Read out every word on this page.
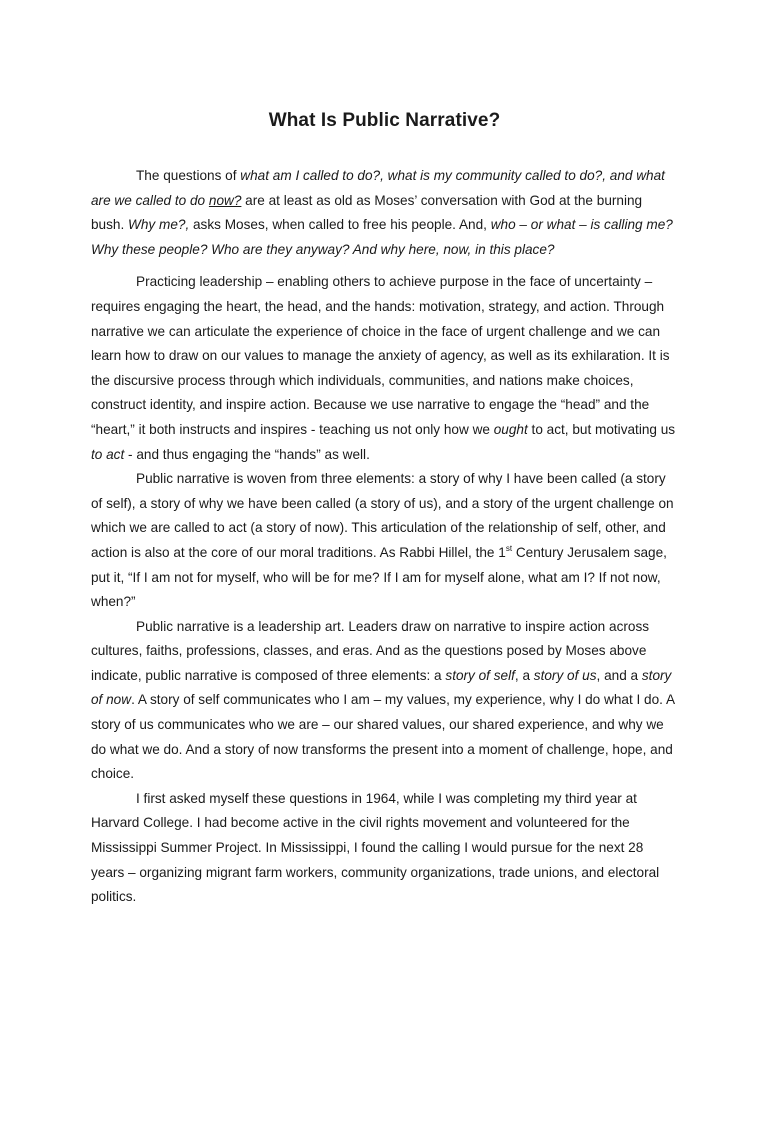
What Is Public Narrative?

The questions of what am I called to do?, what is my community called to do?, and what are we called to do now? are at least as old as Moses’ conversation with God at the burning bush. Why me?, asks Moses, when called to free his people. And, who – or what – is calling me? Why these people? Who are they anyway? And why here, now, in this place?

Practicing leadership – enabling others to achieve purpose in the face of uncertainty – requires engaging the heart, the head, and the hands: motivation, strategy, and action. Through narrative we can articulate the experience of choice in the face of urgent challenge and we can learn how to draw on our values to manage the anxiety of agency, as well as its exhilaration. It is the discursive process through which individuals, communities, and nations make choices, construct identity, and inspire action. Because we use narrative to engage the “head” and the “heart,” it both instructs and inspires - teaching us not only how we ought to act, but motivating us to act - and thus engaging the “hands” as well.

Public narrative is woven from three elements: a story of why I have been called (a story of self), a story of why we have been called (a story of us), and a story of the urgent challenge on which we are called to act (a story of now). This articulation of the relationship of self, other, and action is also at the core of our moral traditions. As Rabbi Hillel, the 1st Century Jerusalem sage, put it, “If I am not for myself, who will be for me? If I am for myself alone, what am I? If not now, when?”

Public narrative is a leadership art. Leaders draw on narrative to inspire action across cultures, faiths, professions, classes, and eras. And as the questions posed by Moses above indicate, public narrative is composed of three elements: a story of self, a story of us, and a story of now. A story of self communicates who I am – my values, my experience, why I do what I do. A story of us communicates who we are – our shared values, our shared experience, and why we do what we do. And a story of now transforms the present into a moment of challenge, hope, and choice.

I first asked myself these questions in 1964, while I was completing my third year at Harvard College. I had become active in the civil rights movement and volunteered for the Mississippi Summer Project. In Mississippi, I found the calling I would pursue for the next 28 years – organizing migrant farm workers, community organizations, trade unions, and electoral politics.
